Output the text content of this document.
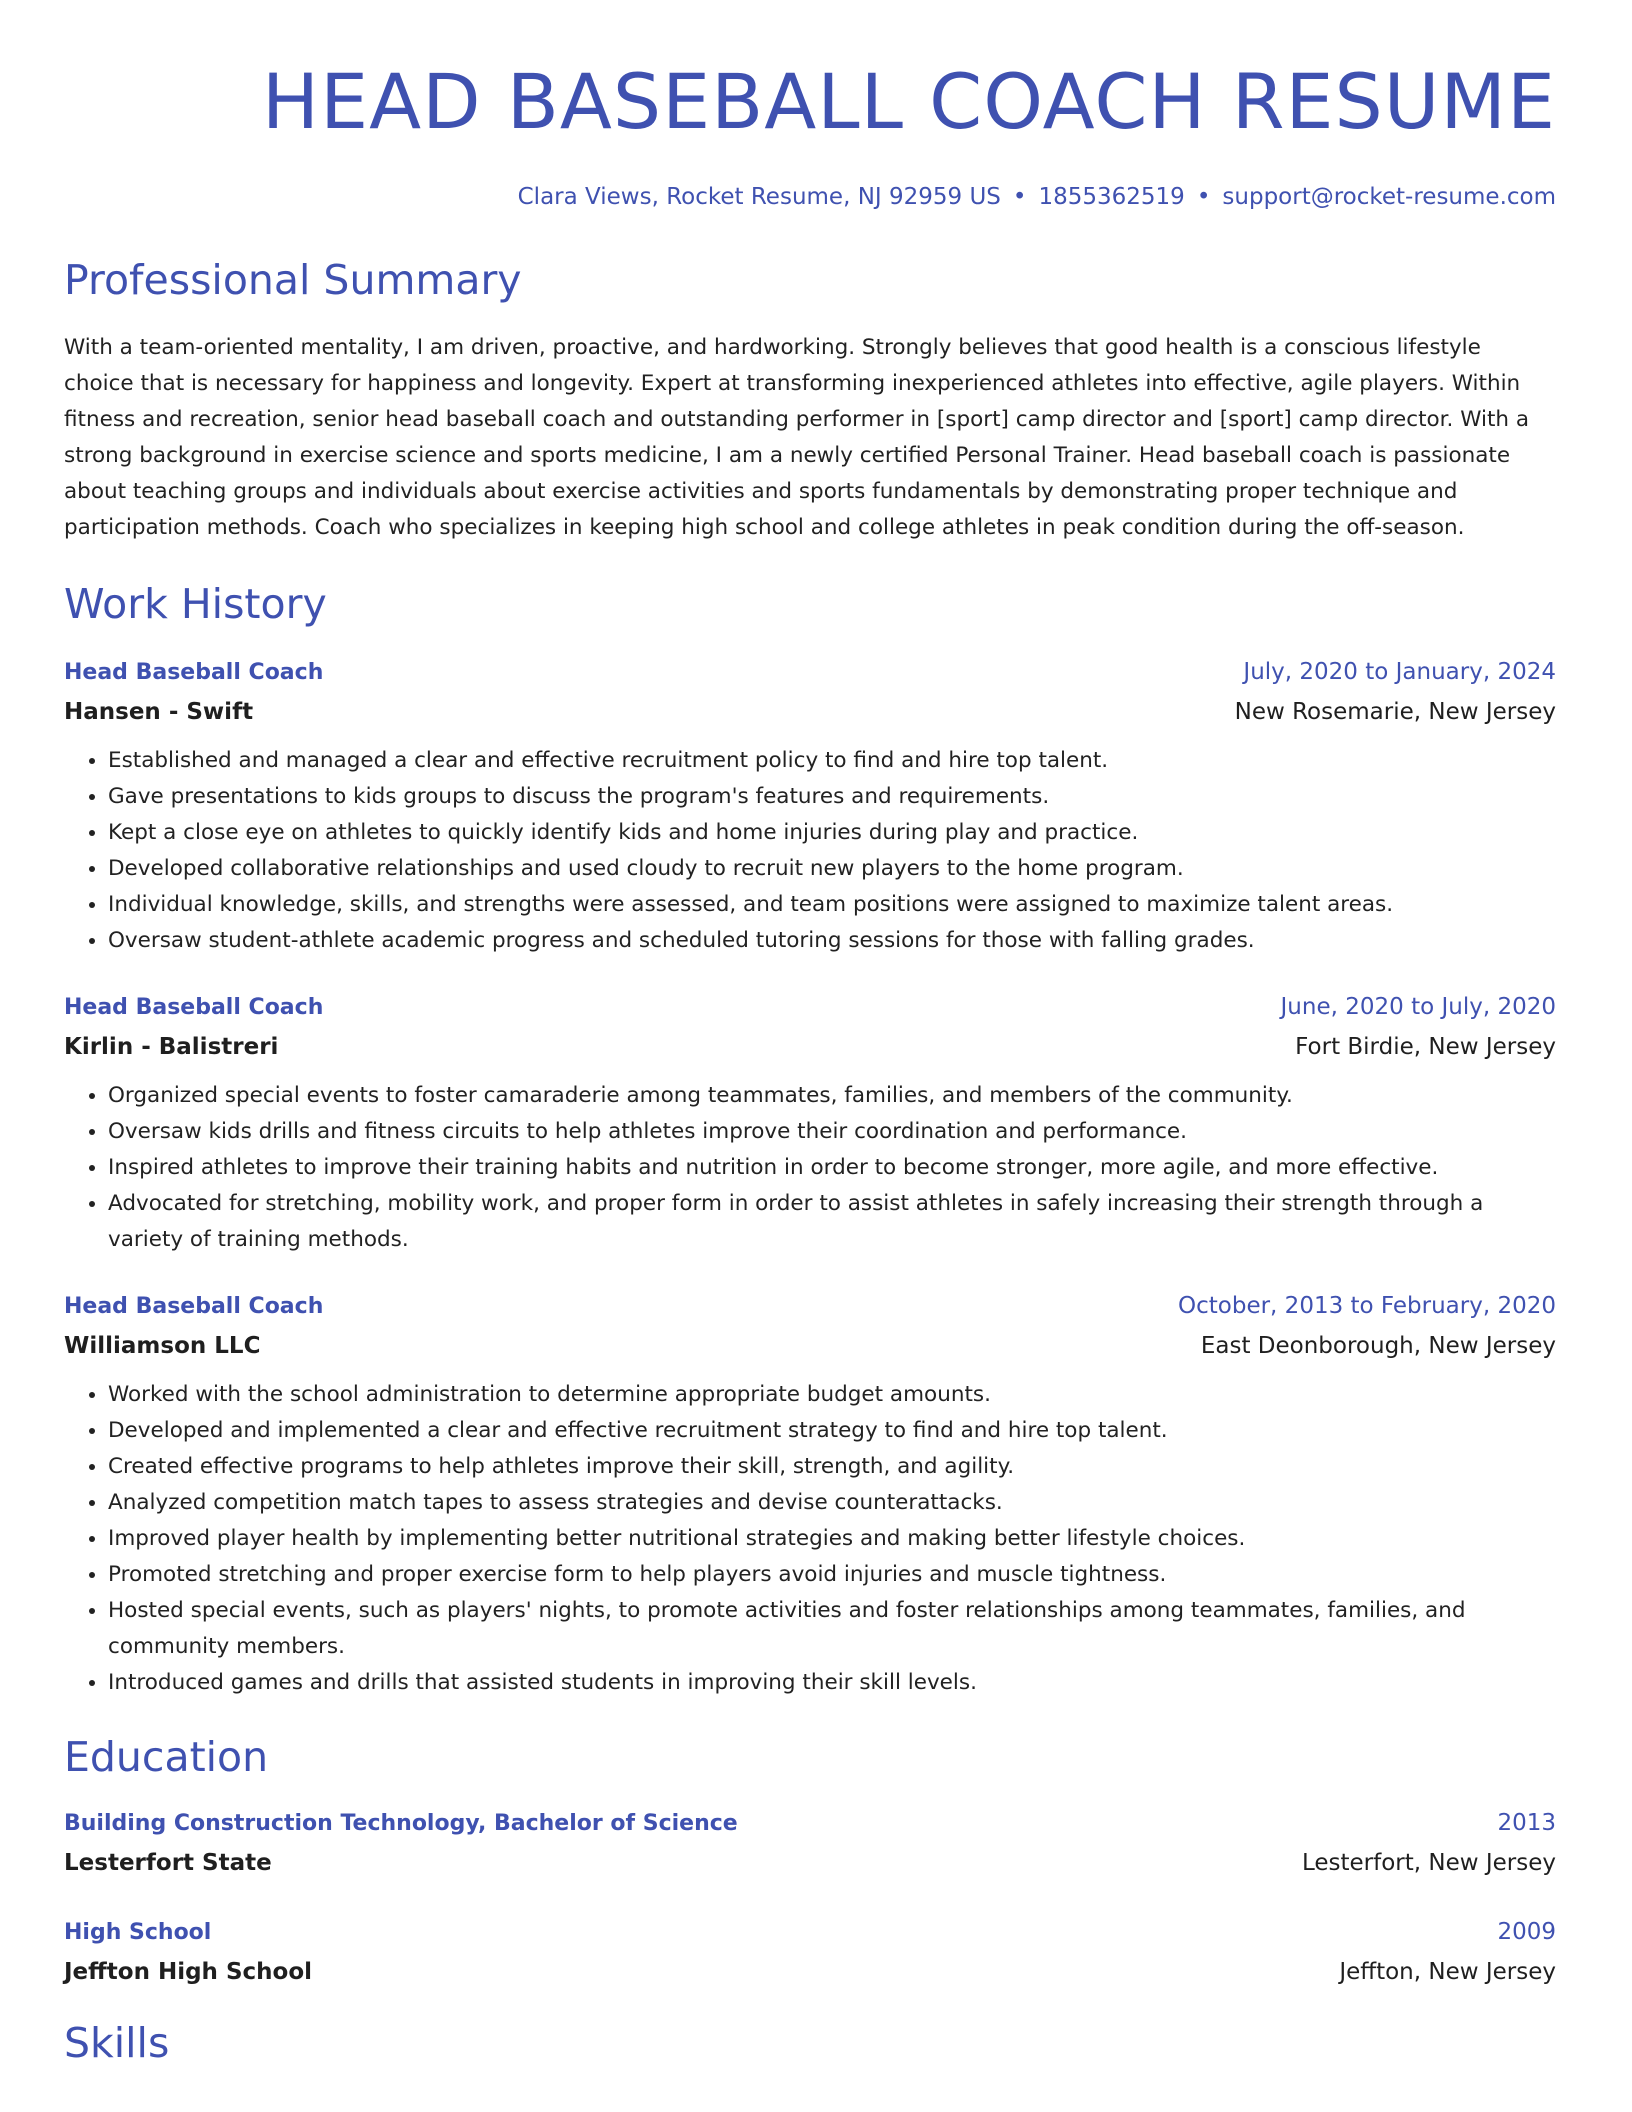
HEAD BASEBALL COACH RESUME
Clara Views, Rocket Resume, NJ 92959 US • 1855362519 • support@rocket-resume.com
Professional Summary

With a team-oriented mentality, I am driven, proactive, and hardworking. Strongly believes that good health is a conscious lifestyle choice that is necessary for happiness and longevity. Expert at transforming inexperienced athletes into effective, agile players. Within fitness and recreation, senior head baseball coach and outstanding performer in [sport] camp director and [sport] camp director. With a strong background in exercise science and sports medicine, I am a newly certified Personal Trainer. Head baseball coach is passionate about teaching groups and individuals about exercise activities and sports fundamentals by demonstrating proper technique and participation methods. Coach who specializes in keeping high school and college athletes in peak condition during the off-season.

Work History
Head Baseball Coach	July, 2020 to January, 2024
Hansen - Swift	New Rosemarie, New Jersey
• Established and managed a clear and effective recruitment policy to find and hire top talent.
• Gave presentations to kids groups to discuss the program's features and requirements.
• Kept a close eye on athletes to quickly identify kids and home injuries during play and practice.
• Developed collaborative relationships and used cloudy to recruit new players to the home program.
• Individual knowledge, skills, and strengths were assessed, and team positions were assigned to maximize talent areas.
• Oversaw student-athlete academic progress and scheduled tutoring sessions for those with falling grades.
Head Baseball Coach	June, 2020 to July, 2020
Kirlin - Balistreri	Fort Birdie, New Jersey
• Organized special events to foster camaraderie among teammates, families, and members of the community.
• Oversaw kids drills and fitness circuits to help athletes improve their coordination and performance.
• Inspired athletes to improve their training habits and nutrition in order to become stronger, more agile, and more effective.
• Advocated for stretching, mobility work, and proper form in order to assist athletes in safely increasing their strength through a variety of training methods.
Head Baseball Coach	October, 2013 to February, 2020
Williamson LLC	East Deonborough, New Jersey
• Worked with the school administration to determine appropriate budget amounts.
• Developed and implemented a clear and effective recruitment strategy to find and hire top talent.
• Created effective programs to help athletes improve their skill, strength, and agility.
• Analyzed competition match tapes to assess strategies and devise counterattacks.
• Improved player health by implementing better nutritional strategies and making better lifestyle choices.
• Promoted stretching and proper exercise form to help players avoid injuries and muscle tightness.
• Hosted special events, such as players' nights, to promote activities and foster relationships among teammates, families, and community members.
• Introduced games and drills that assisted students in improving their skill levels.
Education
Building Construction Technology, Bachelor of Science	2013
Lesterfort State	Lesterfort, New Jersey
High School	2009
Jeffton High School	Jeffton, New Jersey
Skills
